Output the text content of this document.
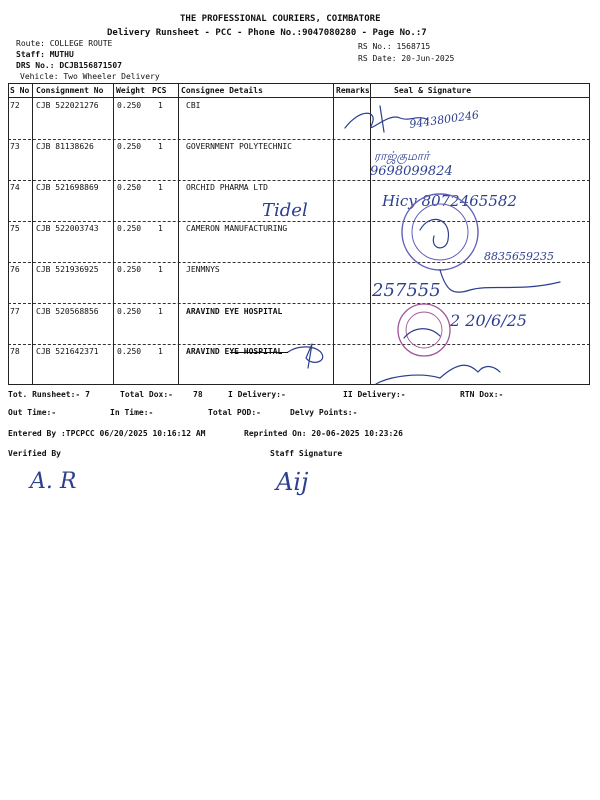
THE PROFESSIONAL COURIERS, COIMBATORE
Delivery Runsheet - PCC - Phone No.:9047080280 - Page No.:7
Route: COLLEGE ROUTE
Staff: MUTHU
DRS No.: DCJB156871507
Vehicle: Two Wheeler Delivery
RS No.: 1568715
RS Date: 20-Jun-2025
S No Consignment No Weight PCS Consignee Details	Remarks	Seal & Signature
72 CJB 522021276 0.250 1	CBI
73 CJB 81138626	0.250 1	GOVERNMENT POLYTECHNIC
74 CJB 521698869 0.250 1	ORCHID PHARMA LTD
75 CJB 522003743 0.250 1	CAMERON MANUFACTURING
76 CJB 521936925 0.250 1	JENMNYS
77 CJB 520568856 0.250 1	ARAVIND EYE HOSPITAL
78 CJB 521642371 0.250 1	ARAVIND EYE HOSPITAL
9443800246
ராஜ்குமார்
9698099824
Hicy 8072465582
Tidel
8835659235
257555
2 20/6/25
Tot. Runsheet:- 7	Total Dox:-	78	I Delivery:-	II Delivery:-	RTN Dox:-
Out Time:-	In Time:-	Total POD:-	Delvy Points:-
Entered By :TPCPCC 06/20/2025 10:16:12 AM	Reprinted On: 20-06-2025 10:23:26
Verified By	Staff Signature
A. R	Aij
